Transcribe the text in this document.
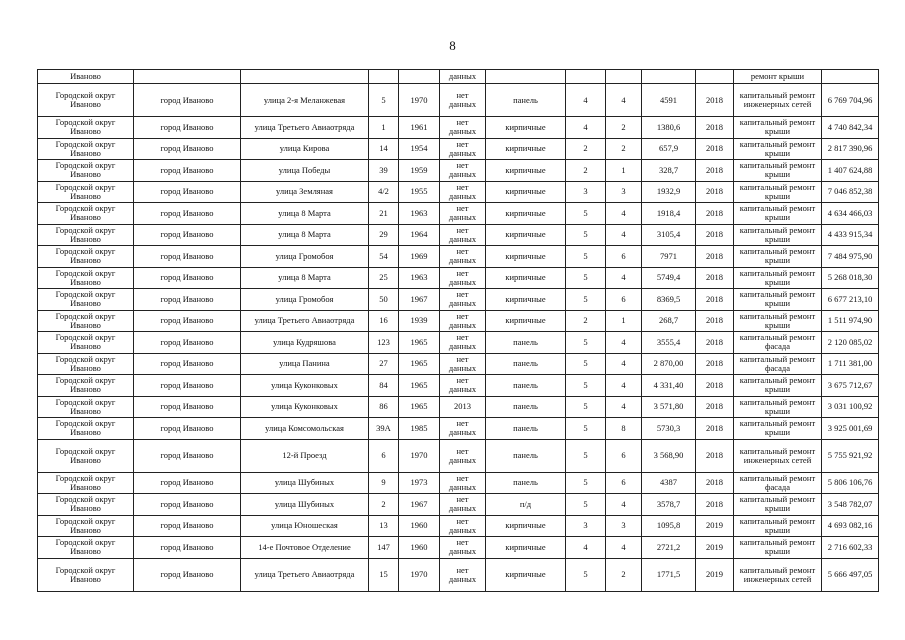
8
Иваново					данных						ремонт крыши	
Городской округ Иваново	город Иваново	улица 2-я Меланжевая	5	1970	нет данных	панель	4	4	4591	2018	капитальный ремонт инженерных сетей	6 769 704,96
Городской округ Иваново	город Иваново	улица Третьего Авиаотряда	1	1961	нет данных	кирпичные	4	2	1380,6	2018	капитальный ремонт крыши	4 740 842,34
Городской округ Иваново	город Иваново	улица Кирова	14	1954	нет данных	кирпичные	2	2	657,9	2018	капитальный ремонт крыши	2 817 390,96
Городской округ Иваново	город Иваново	улица Победы	39	1959	нет данных	кирпичные	2	1	328,7	2018	капитальный ремонт крыши	1 407 624,88
Городской округ Иваново	город Иваново	улица Земляная	4/2	1955	нет данных	кирпичные	3	3	1932,9	2018	капитальный ремонт крыши	7 046 852,38
Городской округ Иваново	город Иваново	улица 8 Марта	21	1963	нет данных	кирпичные	5	4	1918,4	2018	капитальный ремонт крыши	4 634 466,03
Городской округ Иваново	город Иваново	улица 8 Марта	29	1964	нет данных	кирпичные	5	4	3105,4	2018	капитальный ремонт крыши	4 433 915,34
Городской округ Иваново	город Иваново	улица Громобоя	54	1969	нет данных	кирпичные	5	6	7971	2018	капитальный ремонт крыши	7 484 975,90
Городской округ Иваново	город Иваново	улица 8 Марта	25	1963	нет данных	кирпичные	5	4	5749,4	2018	капитальный ремонт крыши	5 268 018,30
Городской округ Иваново	город Иваново	улица Громобоя	50	1967	нет данных	кирпичные	5	6	8369,5	2018	капитальный ремонт крыши	6 677 213,10
Городской округ Иваново	город Иваново	улица Третьего Авиаотряда	16	1939	нет данных	кирпичные	2	1	268,7	2018	капитальный ремонт крыши	1 511 974,90
Городской округ Иваново	город Иваново	улица Кудряшова	123	1965	нет данных	панель	5	4	3555,4	2018	капитальный ремонт фасада	2 120 085,02
Городской округ Иваново	город Иваново	улица Панина	27	1965	нет данных	панель	5	4	2 870,00	2018	капитальный ремонт фасада	1 711 381,00
Городской округ Иваново	город Иваново	улица Куконковых	84	1965	нет данных	панель	5	4	4 331,40	2018	капитальный ремонт крыши	3 675 712,67
Городской округ Иваново	город Иваново	улица Куконковых	86	1965	2013	панель	5	4	3 571,80	2018	капитальный ремонт крыши	3 031 100,92
Городской округ Иваново	город Иваново	улица Комсомольская	39А	1985	нет данных	панель	5	8	5730,3	2018	капитальный ремонт крыши	3 925 001,69
Городской округ Иваново	город Иваново	12-й Проезд	6	1970	нет данных	панель	5	6	3 568,90	2018	капитальный ремонт инженерных сетей	5 755 921,92
Городской округ Иваново	город Иваново	улица Шубиных	9	1973	нет данных	панель	5	6	4387	2018	капитальный ремонт фасада	5 806 106,76
Городской округ Иваново	город Иваново	улица Шубиных	2	1967	нет данных	п/д	5	4	3578,7	2018	капитальный ремонт крыши	3 548 782,07
Городской округ Иваново	город Иваново	улица Юношеская	13	1960	нет данных	кирпичные	3	3	1095,8	2019	капитальный ремонт крыши	4 693 082,16
Городской округ Иваново	город Иваново	14-е Почтовое Отделение	147	1960	нет данных	кирпичные	4	4	2721,2	2019	капитальный ремонт крыши	2 716 602,33
Городской округ Иваново	город Иваново	улица Третьего Авиаотряда	15	1970	нет данных	кирпичные	5	2	1771,5	2019	капитальный ремонт инженерных сетей	5 666 497,05
